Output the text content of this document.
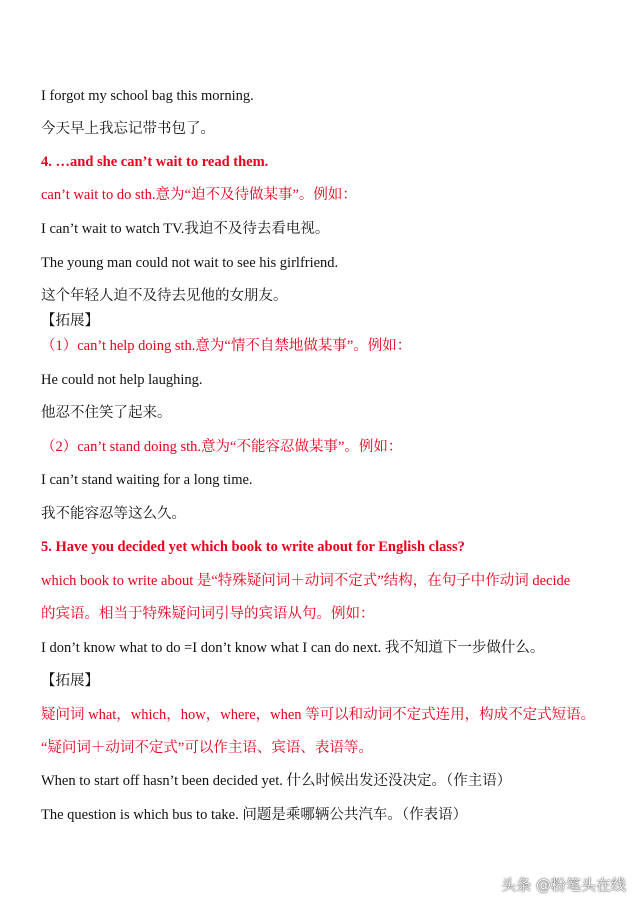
I forgot my school bag this morning.
今天早上我忘记带书包了。
4. …and she can’t wait to read them.
can’t wait to do sth.意为“迫不及待做某事”。例如：
I can’t wait to watch TV.我迫不及待去看电视。
The young man could not wait to see his girlfriend.
这个年轻人迫不及待去见他的女朋友。
【拓展】
（1）can’t help doing sth.意为“情不自禁地做某事”。例如：
He could not help laughing.
他忍不住笑了起来。
（2）can’t stand doing sth.意为“不能容忍做某事”。例如：
I can’t stand waiting for a long time.
我不能容忍等这么久。
5. Have you decided yet which book to write about for English class?
which book to write about 是“特殊疑问词＋动词不定式”结构，在句子中作动词 decide
的宾语。相当于特殊疑问词引导的宾语从句。例如：
I don’t know what to do =I don’t know what I can do next. 我不知道下一步做什么。
【拓展】
疑问词 what，which，how，where，when 等可以和动词不定式连用，构成不定式短语。
“疑问词＋动词不定式”可以作主语、宾语、表语等。
When to start off hasn’t been decided yet. 什么时候出发还没决定。（作主语）
The question is which bus to take. 问题是乘哪辆公共汽车。（作表语）
头条 @粉笔头在线
